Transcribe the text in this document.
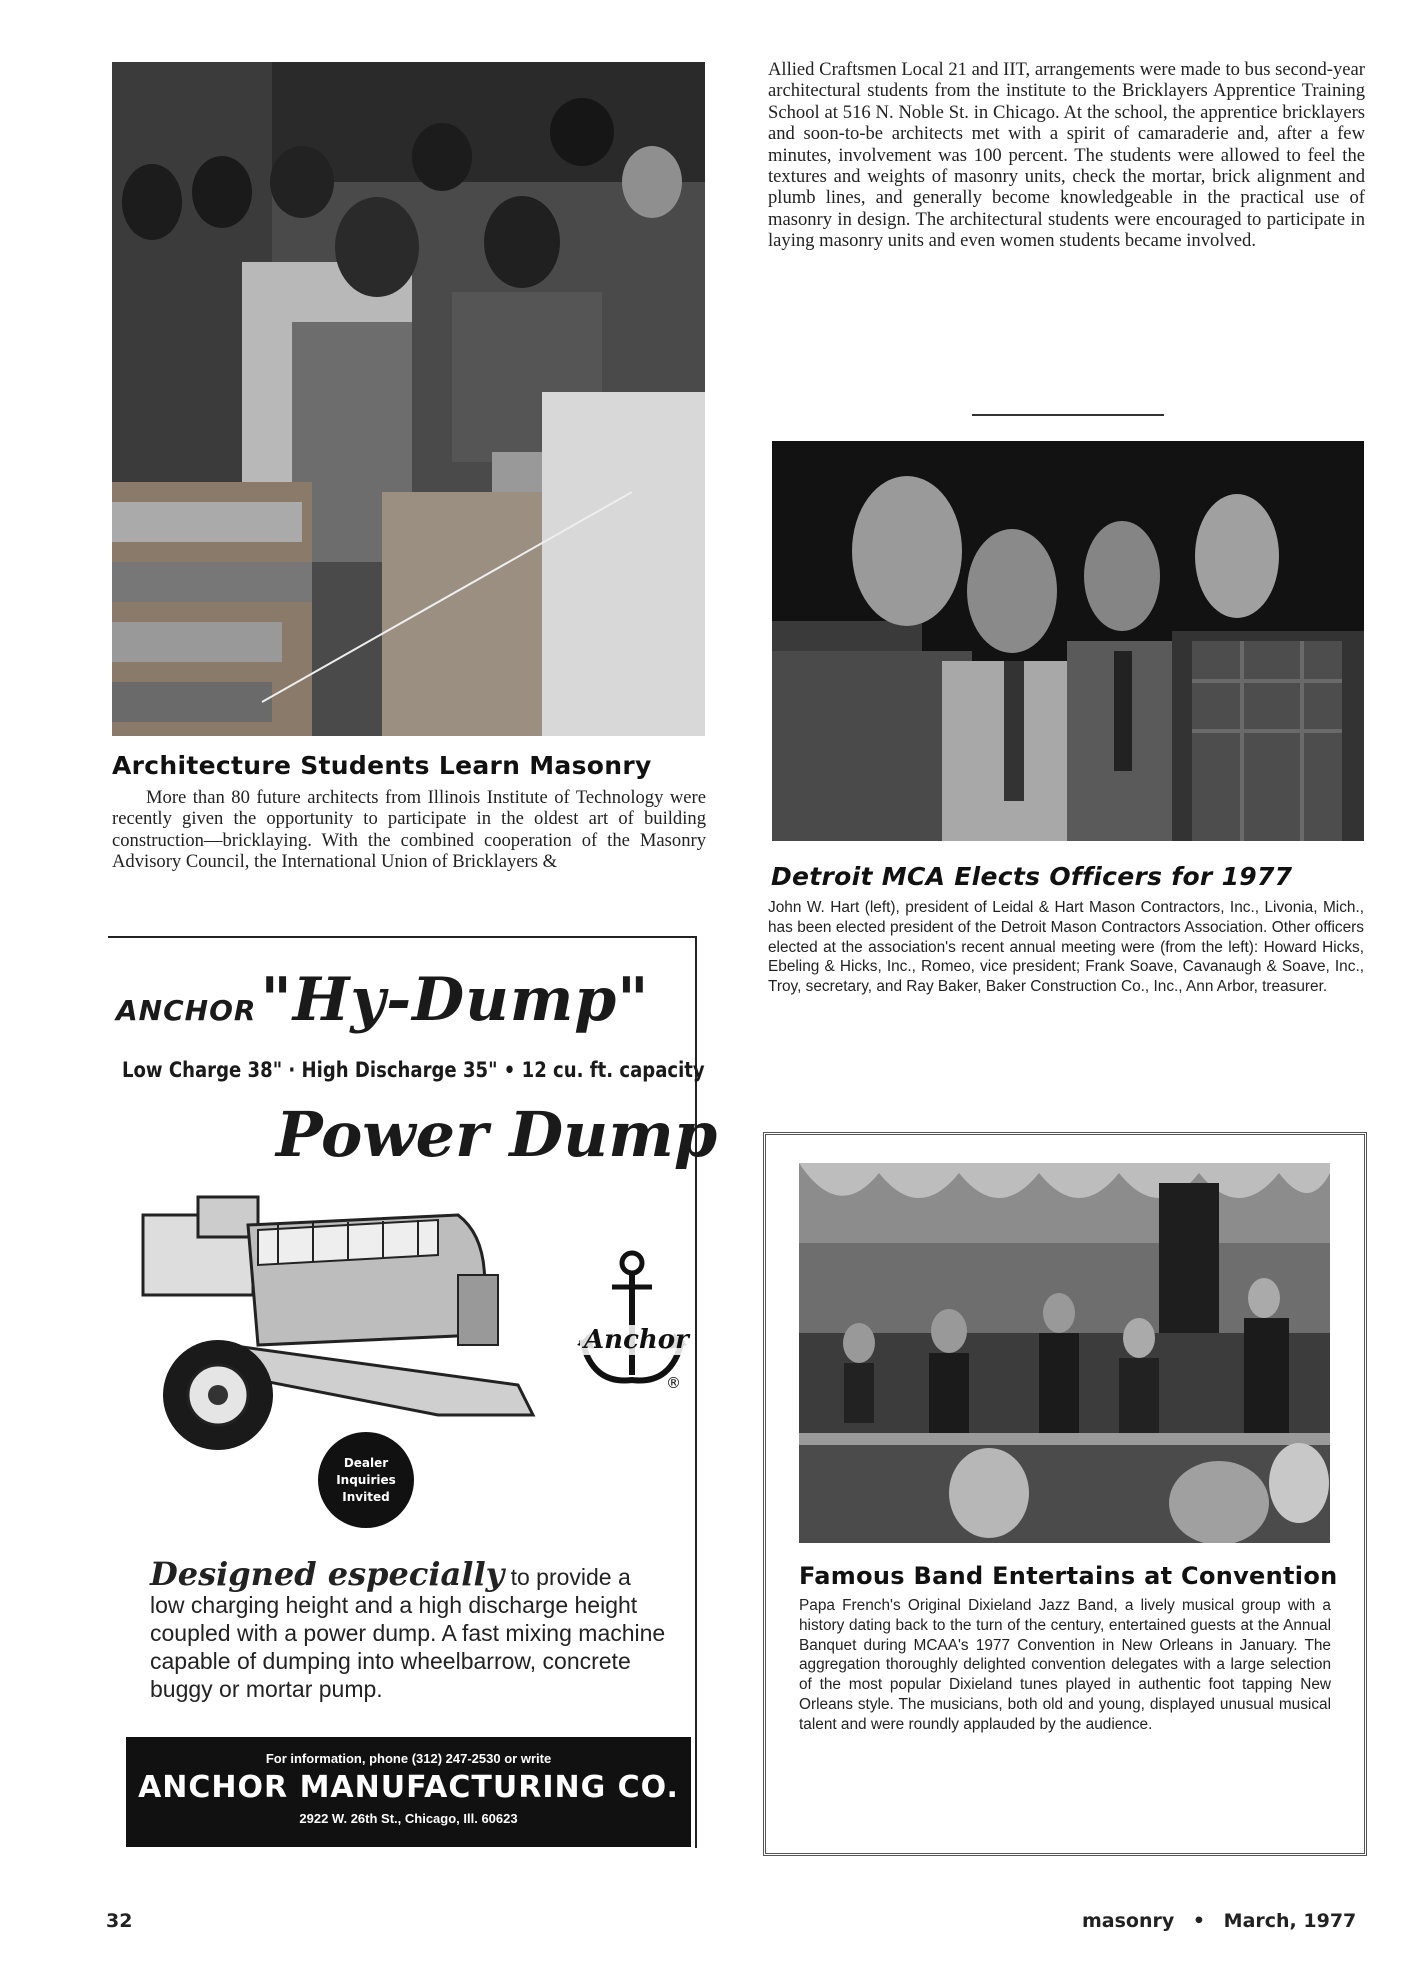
Architecture Students Learn Masonry
More than 80 future architects from Illinois Institute of Technology were recently given the opportunity to participate in the oldest art of building construction—bricklaying. With the combined cooperation of the Masonry Advisory Council, the International Union of Bricklayers &
Allied Craftsmen Local 21 and IIT, arrangements were made to bus second-year architectural students from the institute to the Bricklayers Apprentice Training School at 516 N. Noble St. in Chicago. At the school, the apprentice bricklayers and soon-to-be architects met with a spirit of camaraderie and, after a few minutes, involvement was 100 percent. The students were allowed to feel the textures and weights of masonry units, check the mortar, brick alignment and plumb lines, and generally become knowledgeable in the practical use of masonry in design. The architectural students were encouraged to participate in laying masonry units and even women students became involved.
Detroit MCA Elects Officers for 1977
John W. Hart (left), president of Leidal & Hart Mason Contractors, Inc., Livonia, Mich., has been elected president of the Detroit Mason Contractors Association. Other officers elected at the association's recent annual meeting were (from the left): Howard Hicks, Ebeling & Hicks, Inc., Romeo, vice president; Frank Soave, Cavanaugh & Soave, Inc., Troy, secretary, and Ray Baker, Baker Construction Co., Inc., Ann Arbor, treasurer.
Famous Band Entertains at Convention
Papa French's Original Dixieland Jazz Band, a lively musical group with a history dating back to the turn of the century, entertained guests at the Annual Banquet during MCAA's 1977 Convention in New Orleans in January. The aggregation thoroughly delighted convention delegates with a large selection of the most popular Dixieland tunes played in authentic foot tapping New Orleans style. The musicians, both old and young, displayed unusual musical talent and were roundly applauded by the audience.
ANCHOR "Hy-Dump"
Low Charge 38" · High Discharge 35" • 12 cu. ft. capacity
Power Dump
Anchor
®
Dealer
Inquiries
Invited
Designed especially to provide a low charging height and a high discharge height coupled with a power dump. A fast mixing machine capable of dumping into wheelbarrow, concrete buggy or mortar pump.
For information, phone (312) 247-2530 or write
ANCHOR MANUFACTURING CO.
2922 W. 26th St., Chicago, Ill. 60623
32	masonry • March, 1977
